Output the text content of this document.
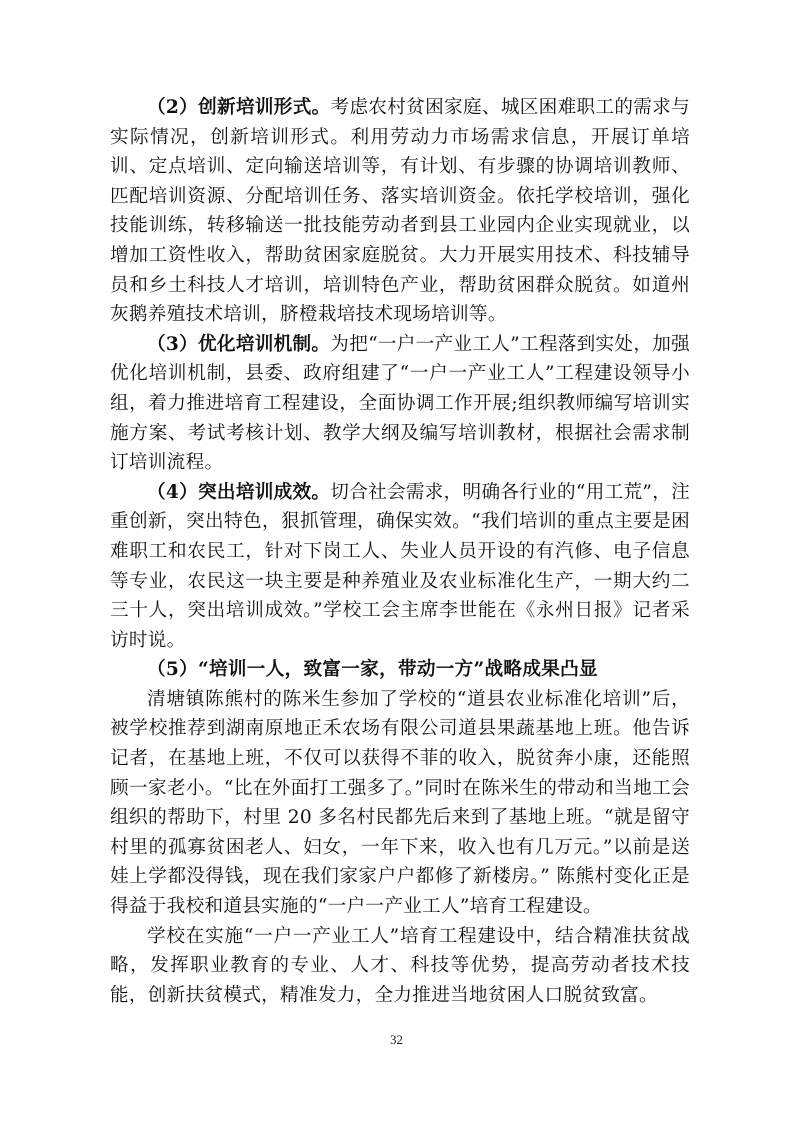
（2）创新培训形式。考虑农村贫困家庭、城区困难职工的需求与实际情况，创新培训形式。利用劳动力市场需求信息，开展订单培训、定点培训、定向输送培训等，有计划、有步骤的协调培训教师、匹配培训资源、分配培训任务、落实培训资金。依托学校培训，强化技能训练，转移输送一批技能劳动者到县工业园内企业实现就业，以增加工资性收入，帮助贫困家庭脱贫。大力开展实用技术、科技辅导员和乡土科技人才培训，培训特色产业，帮助贫困群众脱贫。如道州灰鹅养殖技术培训，脐橙栽培技术现场培训等。

（3）优化培训机制。为把“一户一产业工人”工程落到实处，加强优化培训机制，县委、政府组建了“一户一产业工人”工程建设领导小组，着力推进培育工程建设，全面协调工作开展;组织教师编写培训实施方案、考试考核计划、教学大纲及编写培训教材，根据社会需求制订培训流程。

（4）突出培训成效。切合社会需求，明确各行业的“用工荒”，注重创新，突出特色，狠抓管理，确保实效。“我们培训的重点主要是困难职工和农民工，针对下岗工人、失业人员开设的有汽修、电子信息等专业，农民这一块主要是种养殖业及农业标准化生产，一期大约二三十人，突出培训成效。”学校工会主席李世能在《永州日报》记者采访时说。

（5）“培训一人，致富一家，带动一方”战略成果凸显

清塘镇陈熊村的陈米生参加了学校的“道县农业标准化培训”后，被学校推荐到湖南原地正禾农场有限公司道县果蔬基地上班。他告诉记者，在基地上班，不仅可以获得不菲的收入，脱贫奔小康，还能照顾一家老小。“比在外面打工强多了。”同时在陈米生的带动和当地工会组织的帮助下，村里 20 多名村民都先后来到了基地上班。“就是留守村里的孤寡贫困老人、妇女，一年下来，收入也有几万元。”以前是送娃上学都没得钱，现在我们家家户户都修了新楼房。” 陈熊村变化正是得益于我校和道县实施的“一户一产业工人”培育工程建设。

学校在实施“一户一产业工人”培育工程建设中，结合精准扶贫战略，发挥职业教育的专业、人才、科技等优势，提高劳动者技术技能，创新扶贫模式，精准发力，全力推进当地贫困人口脱贫致富。

32
